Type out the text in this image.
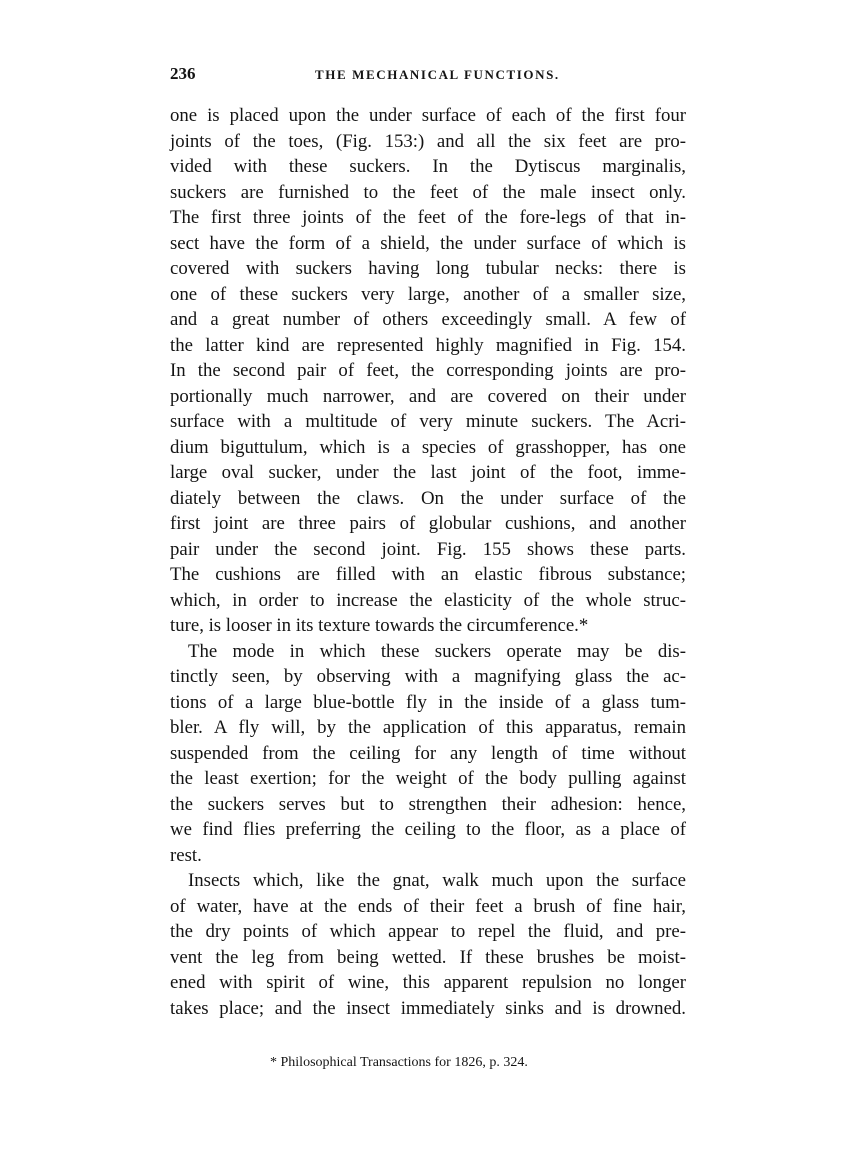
236	THE MECHANICAL FUNCTIONS.
one is placed upon the under surface of each of the first four
joints of the toes, (Fig. 153:) and all the six feet are pro-
vided with these suckers. In the Dytiscus marginalis,
suckers are furnished to the feet of the male insect only.
The first three joints of the feet of the fore-legs of that in-
sect have the form of a shield, the under surface of which is
covered with suckers having long tubular necks: there is
one of these suckers very large, another of a smaller size,
and a great number of others exceedingly small. A few of
the latter kind are represented highly magnified in Fig. 154.
In the second pair of feet, the corresponding joints are pro-
portionally much narrower, and are covered on their under
surface with a multitude of very minute suckers. The Acri-
dium biguttulum, which is a species of grasshopper, has one
large oval sucker, under the last joint of the foot, imme-
diately between the claws. On the under surface of the
first joint are three pairs of globular cushions, and another
pair under the second joint. Fig. 155 shows these parts.
The cushions are filled with an elastic fibrous substance;
which, in order to increase the elasticity of the whole struc-
ture, is looser in its texture towards the circumference.*
The mode in which these suckers operate may be dis-
tinctly seen, by observing with a magnifying glass the ac-
tions of a large blue-bottle fly in the inside of a glass tum-
bler. A fly will, by the application of this apparatus, remain
suspended from the ceiling for any length of time without
the least exertion; for the weight of the body pulling against
the suckers serves but to strengthen their adhesion: hence,
we find flies preferring the ceiling to the floor, as a place of
rest.
Insects which, like the gnat, walk much upon the surface
of water, have at the ends of their feet a brush of fine hair,
the dry points of which appear to repel the fluid, and pre-
vent the leg from being wetted. If these brushes be moist-
ened with spirit of wine, this apparent repulsion no longer
takes place; and the insect immediately sinks and is drowned.
* Philosophical Transactions for 1826, p. 324.
